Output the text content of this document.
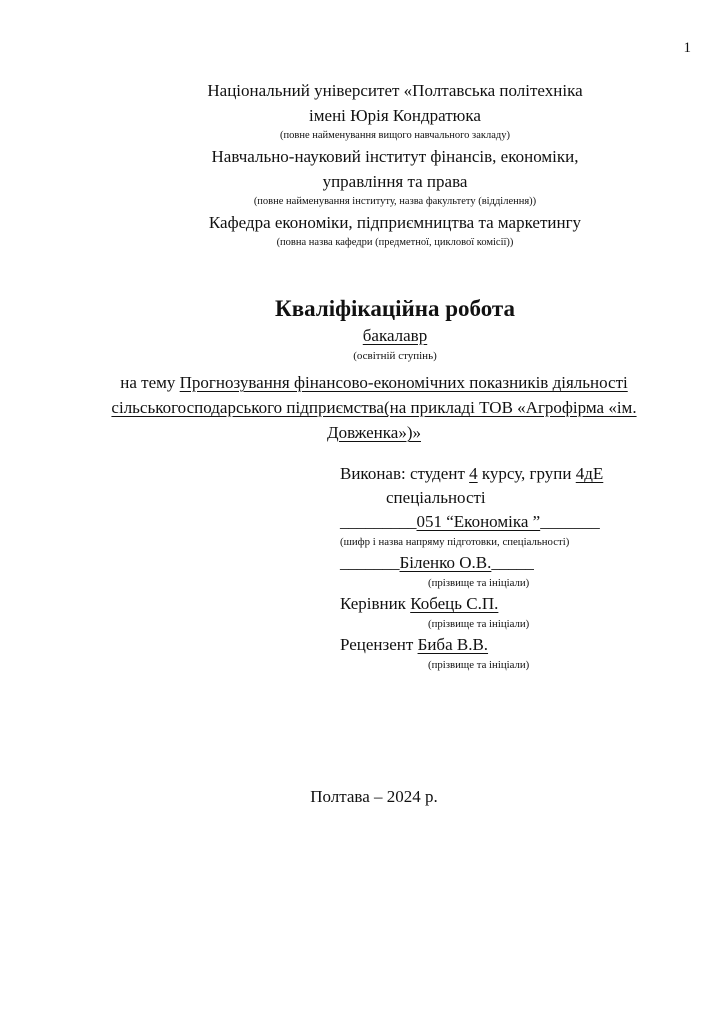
1
Національний університет «Полтавська політехніка
імені Юрія Кондратюка
(повне найменування вищого навчального закладу)
Навчально-науковий інститут фінансів, економіки,
управління та права
(повне найменування інституту, назва факультету (відділення))
Кафедра економіки, підприємництва та маркетингу
(повна назва кафедри (предметної, циклової комісії))
Кваліфікаційна робота
бакалавр
(освітній ступінь)
на тему Прогнозування фінансово-економічних показників діяльності сільськогосподарського підприємства(на прикладі ТОВ «Агрофірма «ім. Довженка»)»
Виконав: студент 4 курсу, групи 4дЕ
спеціальності
_________051 “Економіка ”_______
(шифр і назва напряму підготовки, спеціальності)
_______Біленко О.В._____
(прізвище та ініціали)
Керівник Кобець С.П.
(прізвище та ініціали)
Рецензент Биба В.В.
(прізвище та ініціали)
Полтава – 2024 р.
